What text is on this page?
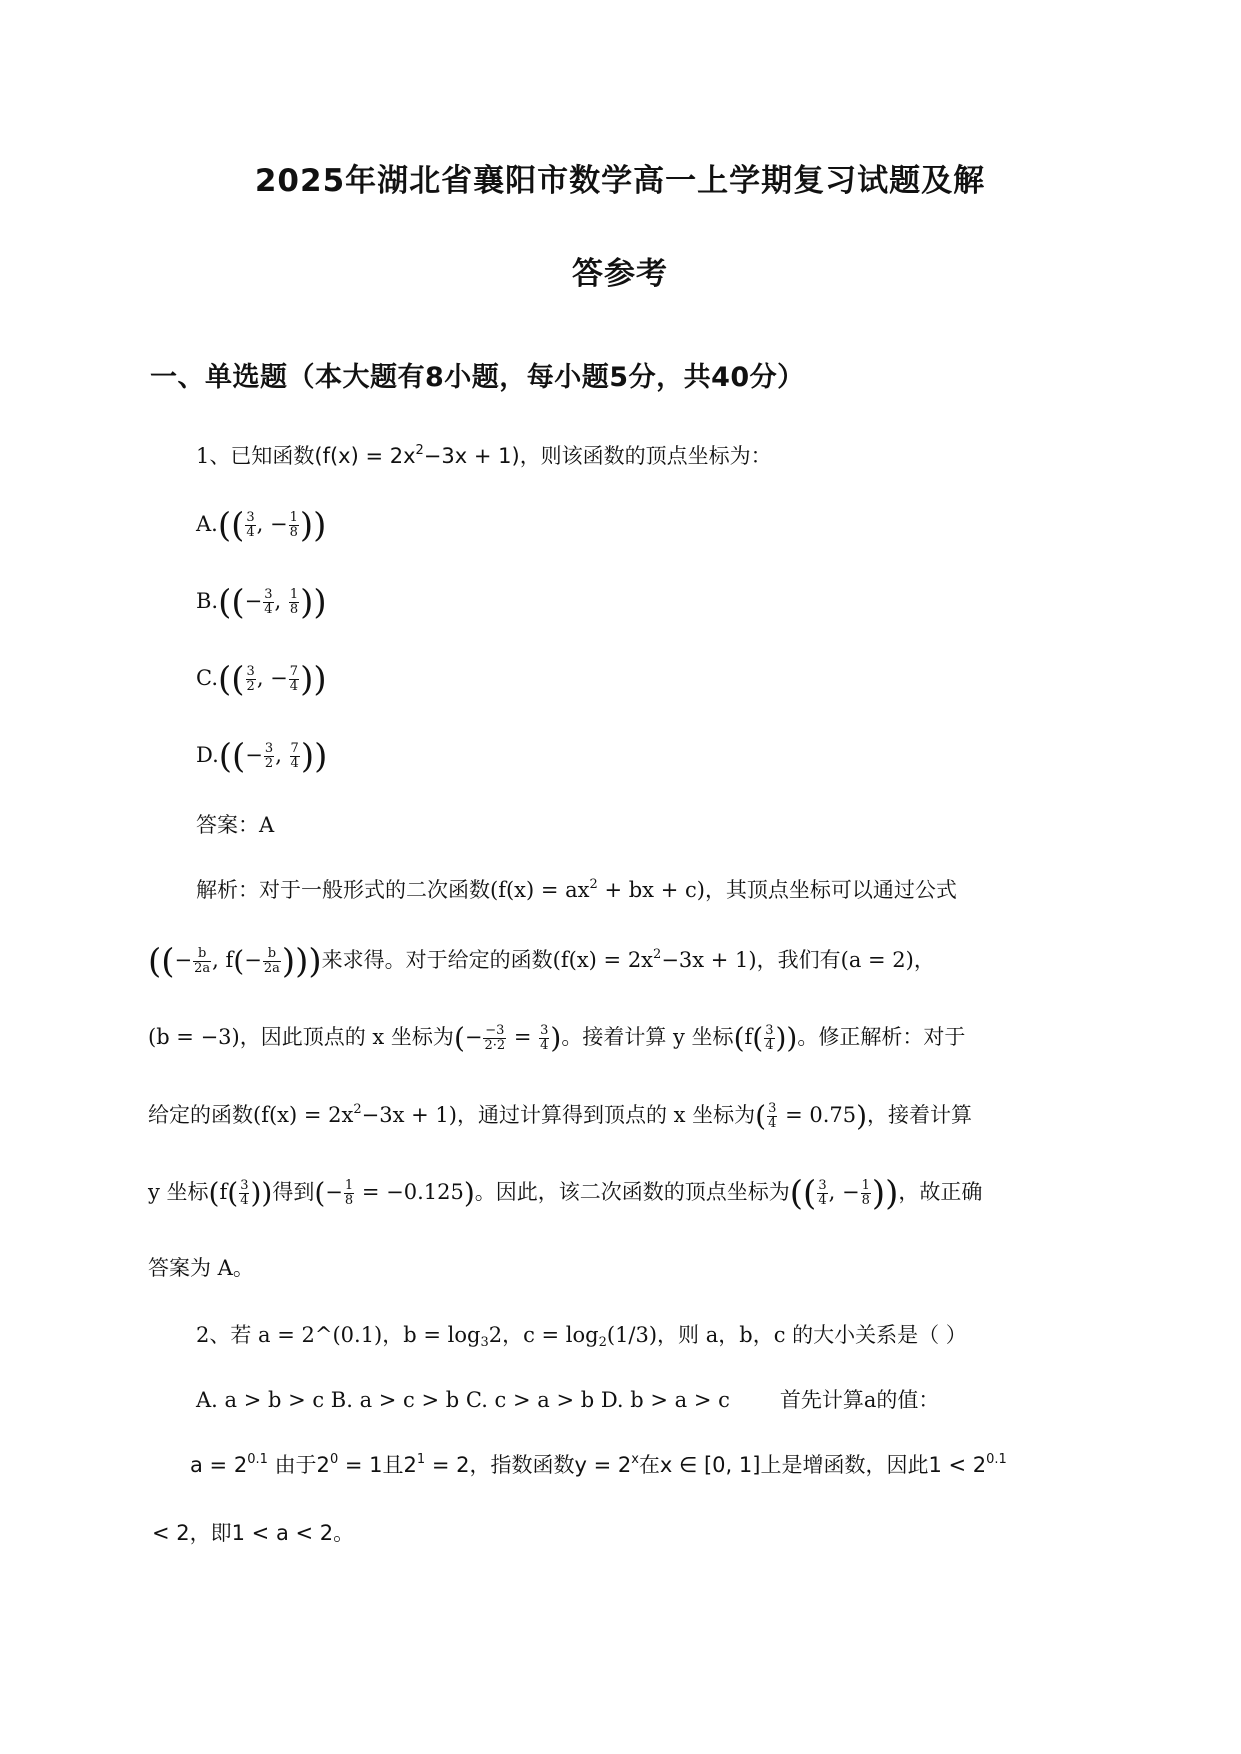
2025年湖北省襄阳市数学高一上学期复习试题及解
答参考
一、单选题（本大题有8小题，每小题5分，共40分）
1、已知函数$(f(x) = 2x^2-3x + 1)$，则该函数的顶点坐标为：
$A.(( \frac{3}{4}$ , − $\frac{1}{8}$ ))
$B.((- \frac{3}{4}$ , $\frac{1}{8}$ ))
$C.(( \frac{3}{2}$ , − $\frac{7}{4}$ ))
$D.((- \frac{3}{2}$ , $\frac{7}{4}$ ))
答案：A
解析：对于一般形式的二次函数($f(x) = ax^2$ + bx + c)，其顶点坐标可以通过公式
((− $\frac{b}{2a}$ , $f(- \frac{b}{2a}$ )))来求得。对于给定的函数$(f(x) = 2x^2-3x + 1)$，我们有(a = 2)，
(b = −3)，因此顶点的 x 坐标为(− $\frac{-3}{2\cdot 2} = \frac{3}{4}$ )。接着计算 y 坐标($f( \frac{3}{4}$ ))。修正解析：对于
给定的函数$(f(x) = 2x^2-3x + 1)$，通过计算得到顶点的 x 坐标为( $\frac{3}{4} = 0.75$)，接着计算
y 坐标($f( \frac{3}{4}$ ))得到(− $\frac{1}{8} = -0.125$)。因此，该二次函数的顶点坐标为(( $\frac{3}{4}$ , − $\frac{1}{8}$ ))，故正确
答案为 A。
2、若 a = 2^(0.1)，$b = \log_32$，$c = \log_2(1/3)$，则 a，b，c 的大小关系是（ ）
A. a > b > c B. a > c > b C. c > a > b D. b > a > c 首先计算a的值：
$a = 2^{0.1}$ 由于$2^0 = 1$且$2^1 = 2$，指数函数$y = 2^x$在x ∈ [0, 1]上是增函数，因此$1 < 2^{0.1}$
< 2，即1 < a < 2。
